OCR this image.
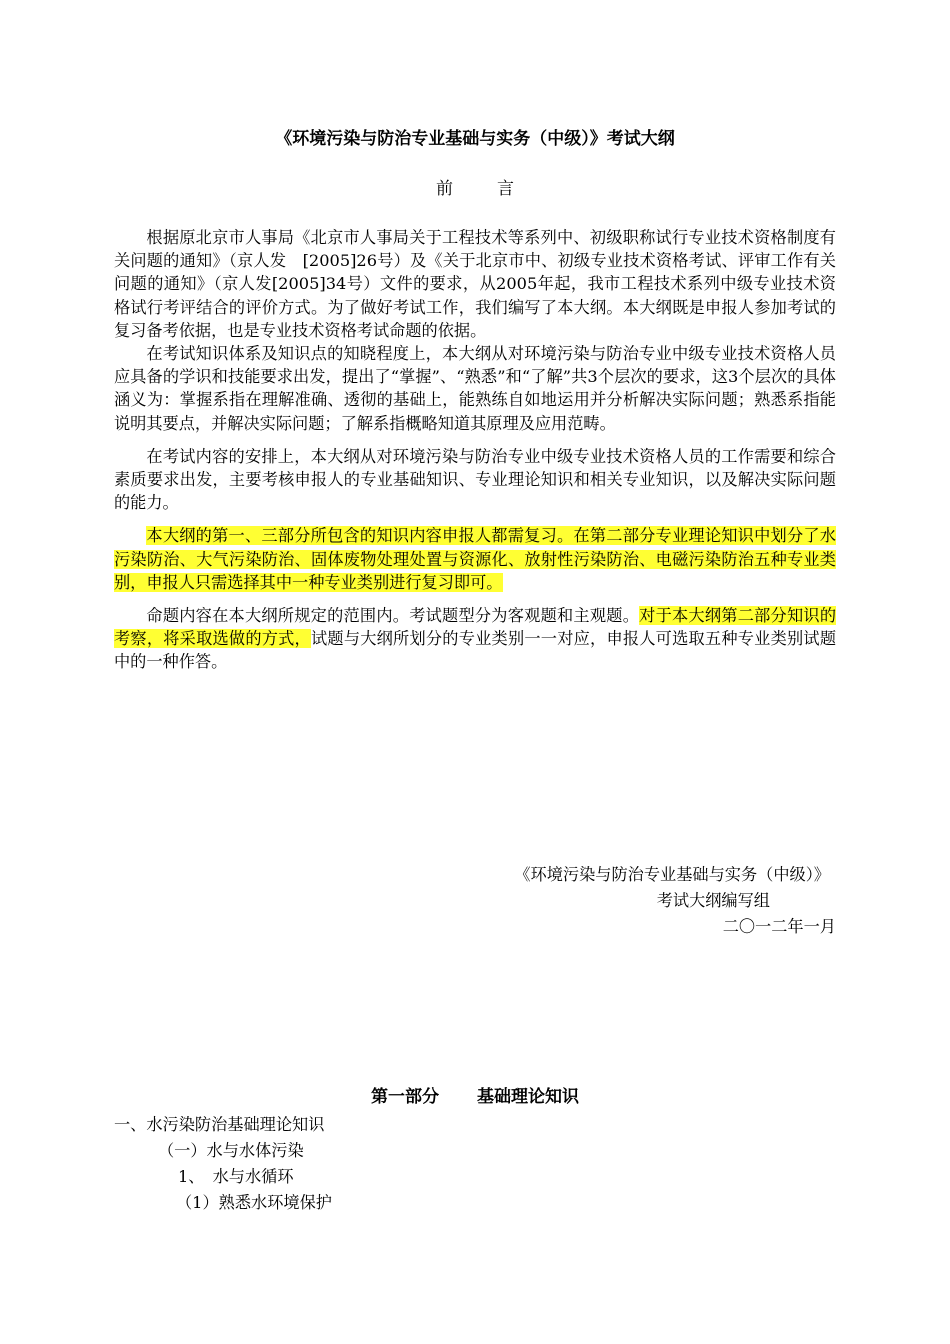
《环境污染与防治专业基础与实务（中级）》考试大纲
前	言

根据原北京市人事局《北京市人事局关于工程技术等系列中、初级职称试行专业技术资格制度有关问题的通知》（京人发　[2005]26号）及《关于北京市中、初级专业技术资格考试、评审工作有关问题的通知》（京人发[2005]34号）文件的要求，从2005年起，我市工程技术系列中级专业技术资格试行考评结合的评价方式。为了做好考试工作，我们编写了本大纲。本大纲既是申报人参加考试的复习备考依据，也是专业技术资格考试命题的依据。

在考试知识体系及知识点的知晓程度上，本大纲从对环境污染与防治专业中级专业技术资格人员应具备的学识和技能要求出发，提出了“掌握”、“熟悉”和“了解”共3个层次的要求，这3个层次的具体涵义为：掌握系指在理解准确、透彻的基础上，能熟练自如地运用并分析解决实际问题；熟悉系指能说明其要点，并解决实际问题；了解系指概略知道其原理及应用范畴。

在考试内容的安排上，本大纲从对环境污染与防治专业中级专业技术资格人员的工作需要和综合素质要求出发，主要考核申报人的专业基础知识、专业理论知识和相关专业知识，以及解决实际问题的能力。

本大纲的第一、三部分所包含的知识内容申报人都需复习。在第二部分专业理论知识中划分了水污染防治、大气污染防治、固体废物处理处置与资源化、放射性污染防治、电磁污染防治五种专业类别，申报人只需选择其中一种专业类别进行复习即可。

命题内容在本大纲所规定的范围内。考试题型分为客观题和主观题。对于本大纲第二部分知识的考察，将采取选做的方式，试题与大纲所划分的专业类别一一对应，申报人可选取五种专业类别试题中的一种作答。

《环境污染与防治专业基础与实务（中级）》
考试大纲编写组
二〇一二年一月
第一部分 基础理论知识
一、水污染防治基础理论知识
（一）水与水体污染
1、　水与水循环
（1）熟悉水环境保护
